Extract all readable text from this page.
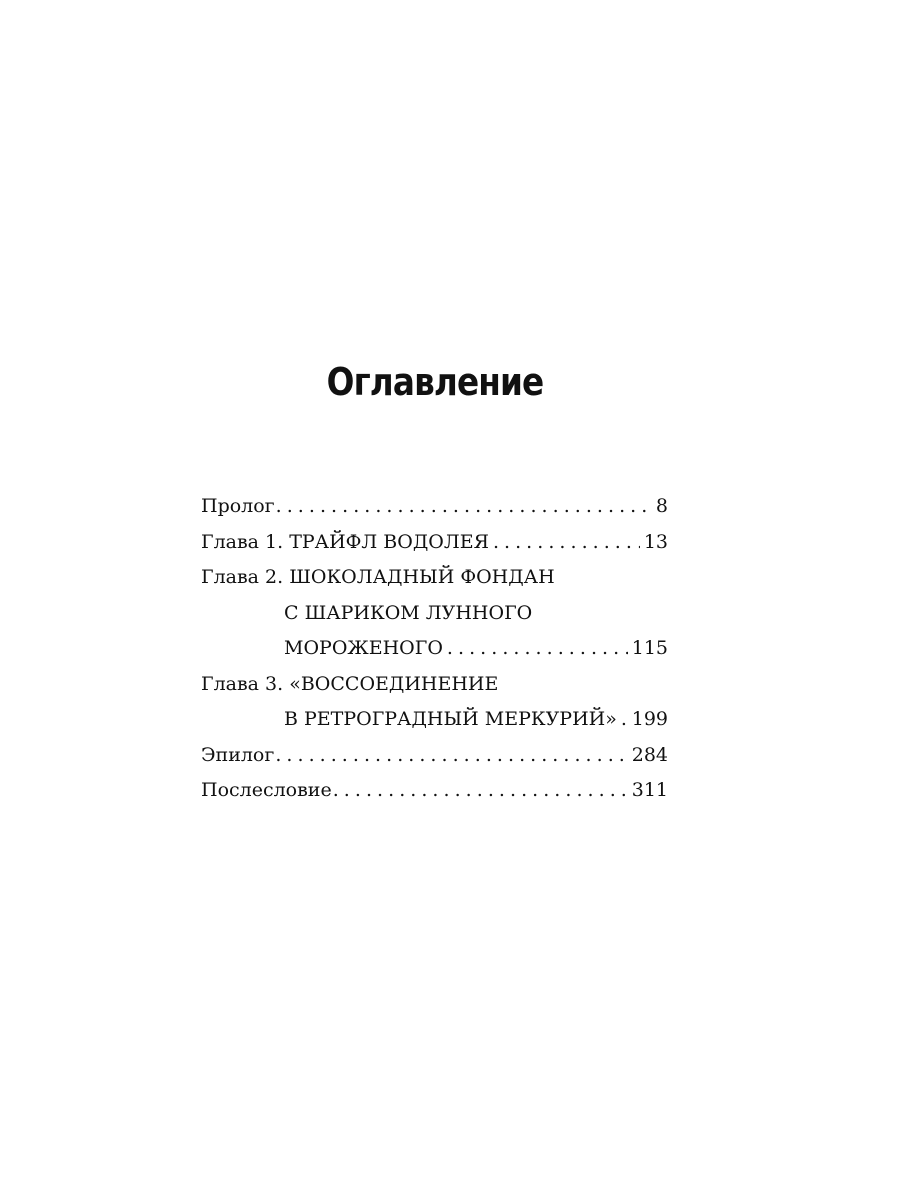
Оглавление
Пролог . . .	8
Глава 1.
ТРАЙФЛ ВОДОЛЕЯ . . .	13
Глава 2.
ШОКОЛАДНЫЙ ФОНДАН
С ШАРИКОМ ЛУННОГО
МОРОЖЕНОГО . . .	115
Глава 3.
«ВОССОЕДИНЕНИЕ
В РЕТРОГРАДНЫЙ МЕРКУРИЙ» . . . 199
Эпилог . . .	284
Послесловие . . .	311
